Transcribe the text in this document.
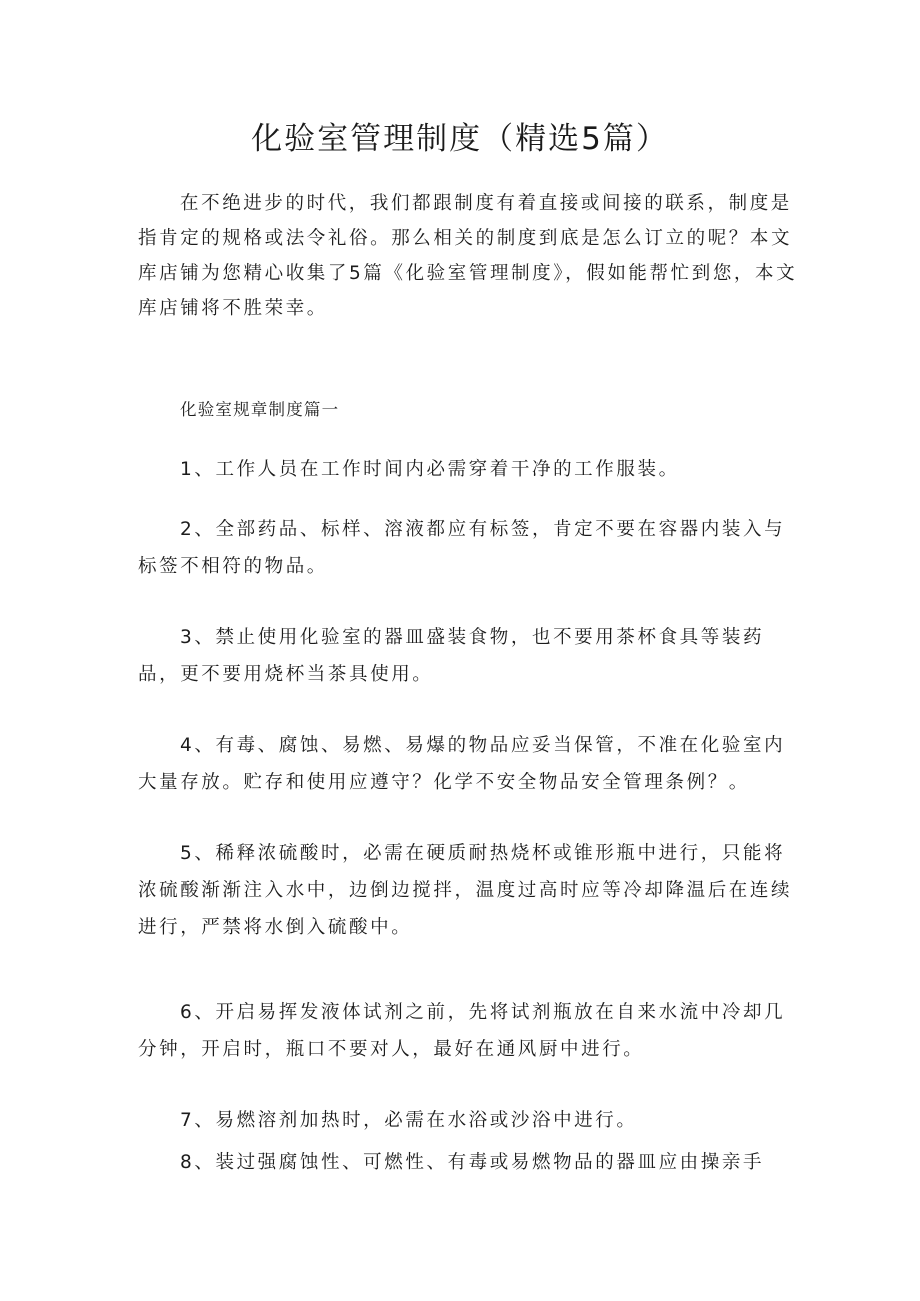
化验室管理制度（精选5篇）

在不绝进步的时代，我们都跟制度有着直接或间接的联系，制度是指肯定的规格或法令礼俗。那么相关的制度到底是怎么订立的呢？本文库店铺为您精心收集了5篇《化验室管理制度》，假如能帮忙到您，本文库店铺将不胜荣幸。

化验室规章制度篇一

1、工作人员在工作时间内必需穿着干净的工作服装。

2、全部药品、标样、溶液都应有标签，肯定不要在容器内装入与标签不相符的物品。

3、禁止使用化验室的器皿盛装食物，也不要用茶杯食具等装药品，更不要用烧杯当茶具使用。

4、有毒、腐蚀、易燃、易爆的物品应妥当保管，不准在化验室内大量存放。贮存和使用应遵守？化学不安全物品安全管理条例？。

5、稀释浓硫酸时，必需在硬质耐热烧杯或锥形瓶中进行，只能将浓硫酸渐渐注入水中，边倒边搅拌，温度过高时应等冷却降温后在连续进行，严禁将水倒入硫酸中。

6、开启易挥发液体试剂之前，先将试剂瓶放在自来水流中冷却几分钟，开启时，瓶口不要对人，最好在通风厨中进行。

7、易燃溶剂加热时，必需在水浴或沙浴中进行。

8、装过强腐蚀性、可燃性、有毒或易燃物品的器皿应由操亲手
